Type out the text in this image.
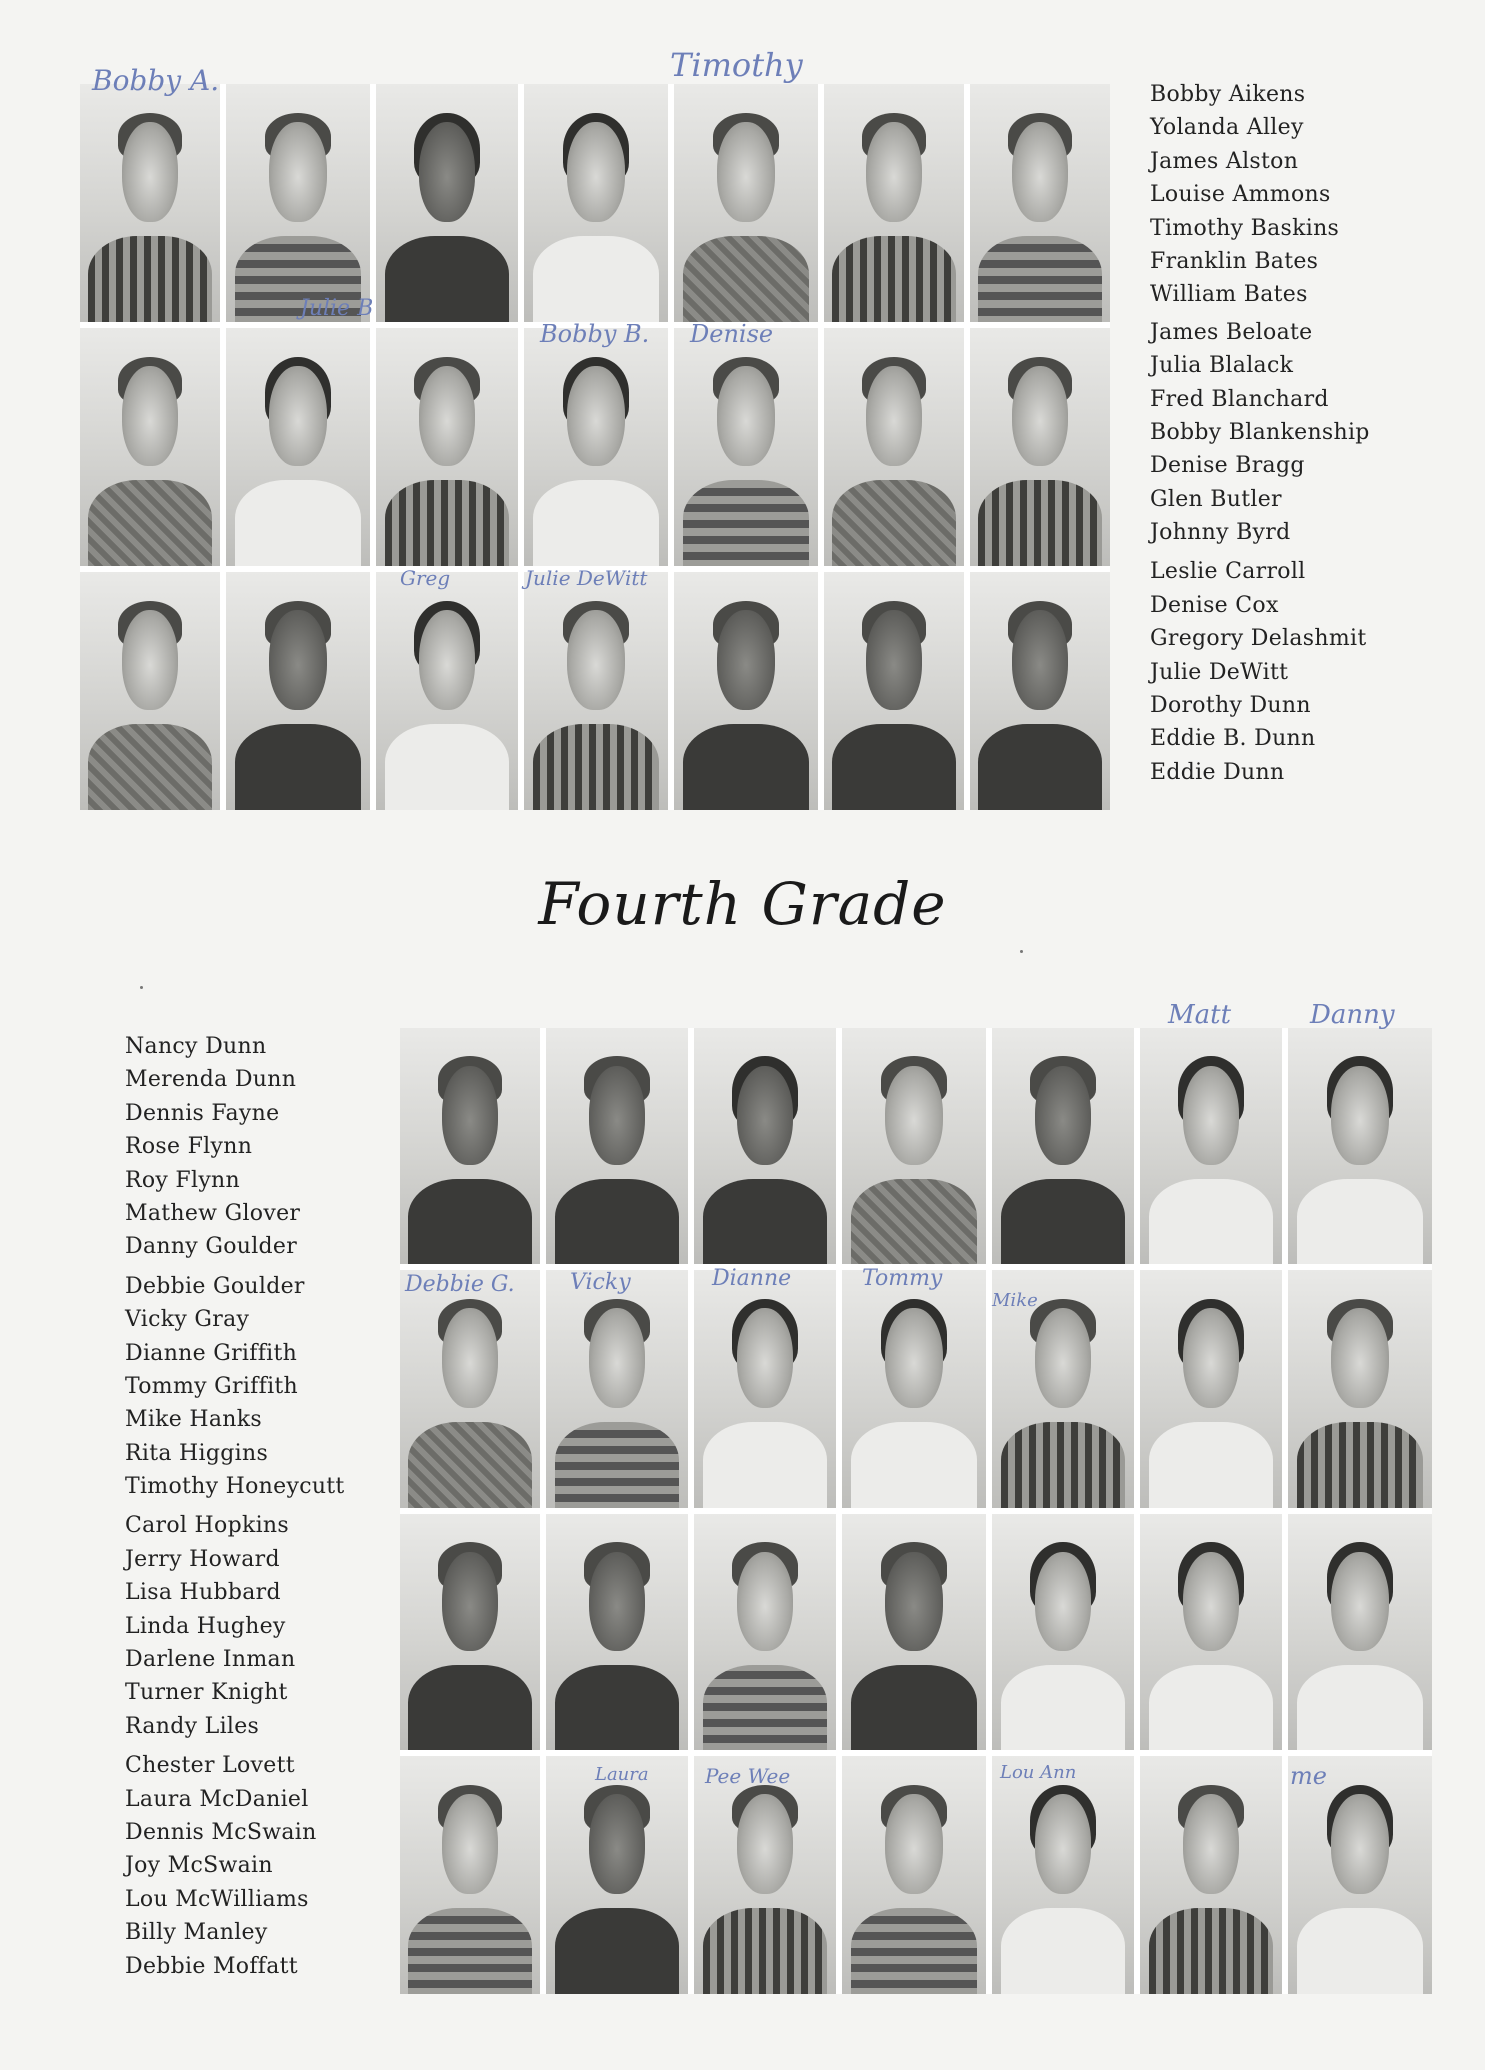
Bobby A.	Timothy
Julie B
Bobby B. Denise
Greg	Julie DeWitt
Bobby Aikens
Yolanda Alley
James Alston
Louise Ammons
Timothy Baskins
Franklin Bates
William Bates
James Beloate
Julia Blalack
Fred Blanchard
Bobby Blankenship
Denise Bragg
Glen Butler
Johnny Byrd
Leslie Carroll
Denise Cox
Gregory Delashmit
Julie DeWitt
Dorothy Dunn
Eddie B. Dunn
Eddie Dunn
Fourth Grade
Nancy Dunn
Merenda Dunn
Dennis Fayne
Rose Flynn
Roy Flynn
Mathew Glover
Danny Goulder
Debbie Goulder
Vicky Gray
Dianne Griffith
Tommy Griffith
Mike Hanks
Rita Higgins
Timothy Honeycutt
Carol Hopkins
Jerry Howard
Lisa Hubbard
Linda Hughey
Darlene Inman
Turner Knight
Randy Liles
Chester Lovett
Laura McDaniel
Dennis McSwain
Joy McSwain
Lou McWilliams
Billy Manley
Debbie Moffatt
Matt	Danny
Debbie G.	Vicky	Dianne	Tommy
Mike
Laura	Pee Wee	Lou Ann	me
